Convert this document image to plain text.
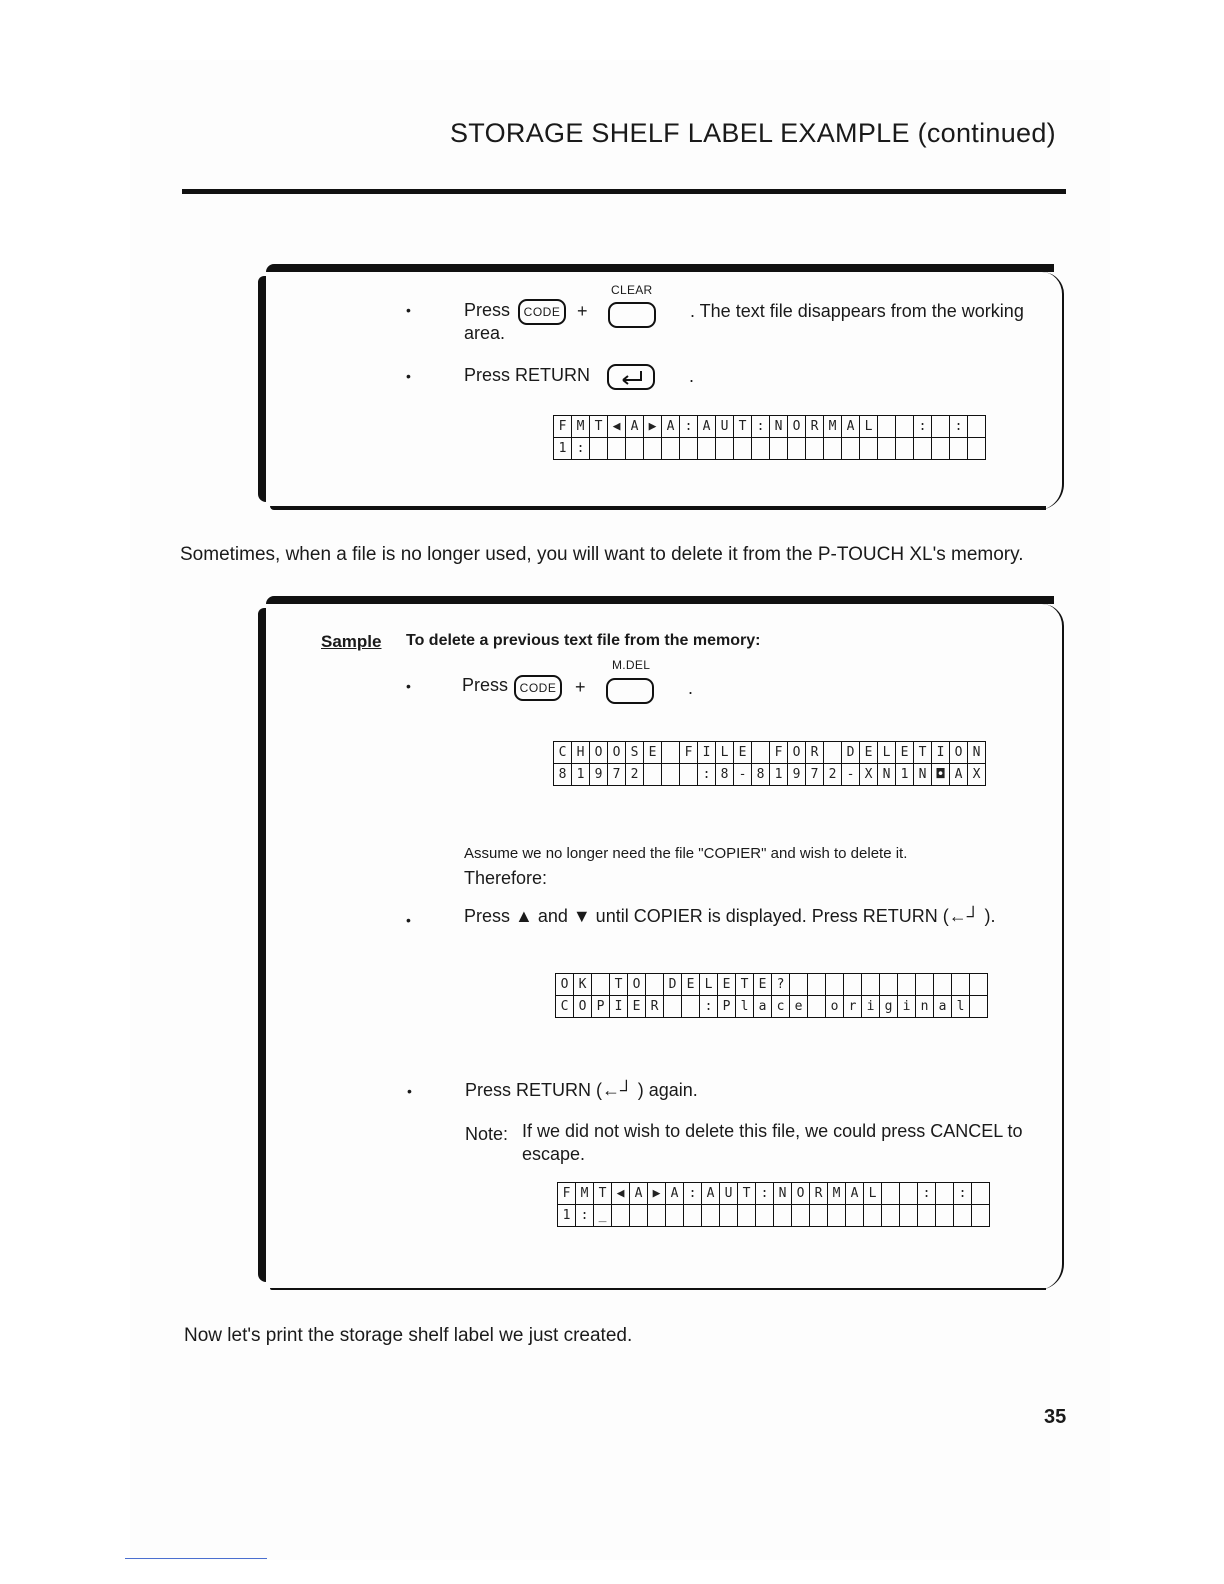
STORAGE SHELF LABEL EXAMPLE (continued)
CLEAR
•	Press	CODE +	. The text file disappears from the working
area.
•	Press RETURN	.
F M T ◀ A ▶ A : A U T : N O R M A L	:	:
1 :
Sometimes, when a file is no longer used, you will want to delete it from the P-TOUCH XL's memory.
Sample To delete a previous text file from the memory:
M.DEL
•	Press CODE	+	.
C H O O S E	F I L E	F O R	D E L E T I O N
8 1 9 7 2	: 8 - 8 1 9 7 2 - X N 1 N ◘ A X
Assume we no longer need the file "COPIER" and wish to delete it.
Therefore:
•	Press ▲ and ▼ until COPIER is displayed. Press RETURN (←┘ ).
O K	T O	D E L E T E ?
C O P I E R	: P l a c e	o r i g i n a l
•	Press RETURN (←┘ ) again.
Note: If we did not wish to delete this file, we could press CANCEL to
escape.
F M T ◀ A ▶ A : A U T : N O R M A L	:	:
1 : _
Now let's print the storage shelf label we just created.
35
